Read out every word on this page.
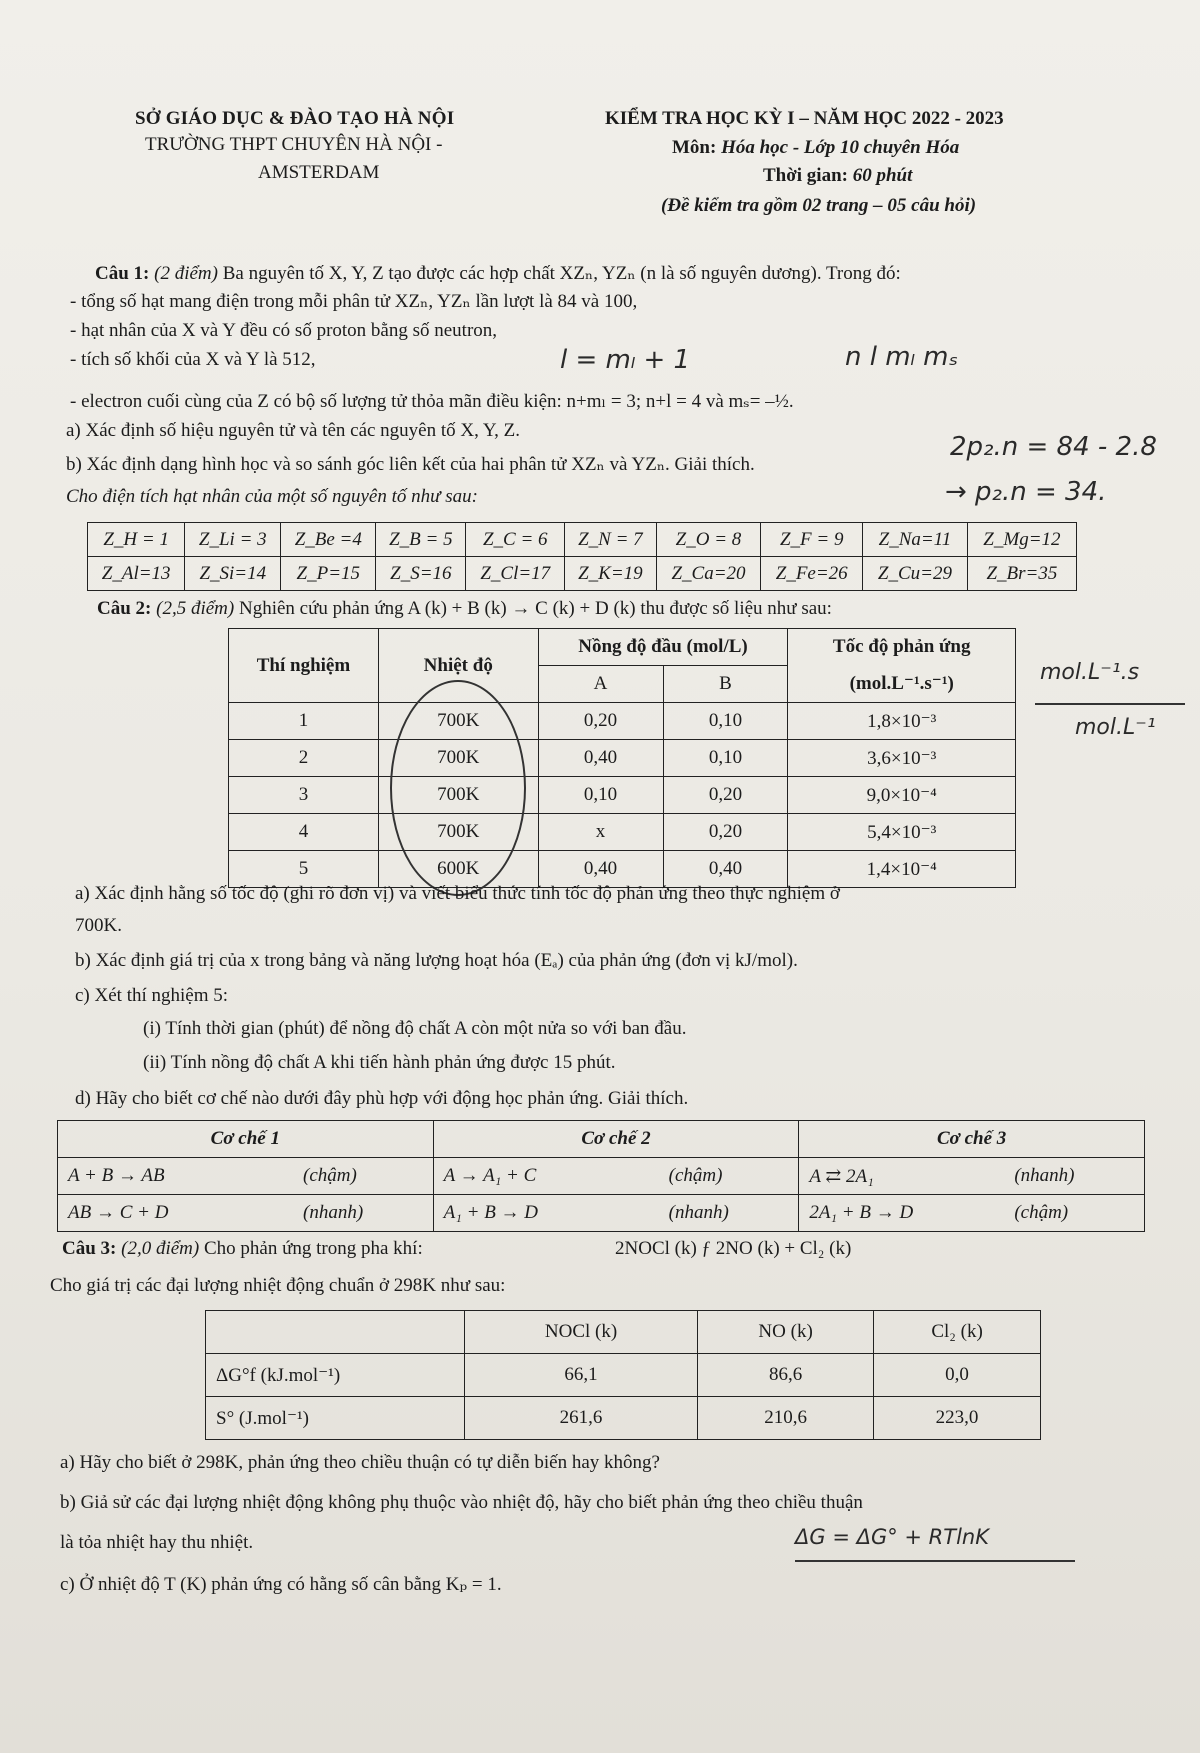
SỞ GIÁO DỤC & ĐÀO TẠO HÀ NỘI
TRƯỜNG THPT CHUYÊN HÀ NỘI -
AMSTERDAM
KIỂM TRA HỌC KỲ I – NĂM HỌC 2022 - 2023
Môn: Hóa học - Lớp 10 chuyên Hóa
Thời gian: 60 phút
(Đề kiểm tra gồm 02 trang – 05 câu hỏi)
Câu 1: (2 điểm) Ba nguyên tố X, Y, Z tạo được các hợp chất XZₙ, YZₙ (n là số nguyên dương). Trong đó:
- tổng số hạt mang điện trong mỗi phân tử XZₙ, YZₙ lần lượt là 84 và 100,
- hạt nhân của X và Y đều có số proton bằng số neutron,
- tích số khối của X và Y là 512,
- electron cuối cùng của Z có bộ số lượng tử thỏa mãn điều kiện: n+mₗ = 3; n+l = 4 và mₛ= –½.
a) Xác định số hiệu nguyên tử và tên các nguyên tố X, Y, Z.
b) Xác định dạng hình học và so sánh góc liên kết của hai phân tử XZₙ và YZₙ. Giải thích.
Cho điện tích hạt nhân của một số nguyên tố như sau:
Z_H = 1	Z_Li = 3	Z_Be =4	Z_B = 5	Z_C = 6	Z_N = 7	Z_O = 8	Z_F = 9	Z_Na=11	Z_Mg=12
Z_Al=13	Z_Si=14	Z_P=15	Z_S=16	Z_Cl=17	Z_K=19	Z_Ca=20	Z_Fe=26	Z_Cu=29	Z_Br=35
Câu 2: (2,5 điểm) Nghiên cứu phản ứng A (k) + B (k) → C (k) + D (k) thu được số liệu như sau:
Thí nghiệm	Nhiệt độ	Nồng độ đầu (mol/L)		Tốc độ phản ứng
		A	B	(mol.L⁻¹.s⁻¹)
1	700K	0,20	0,10	1,8×10⁻³
2	700K	0,40	0,10	3,6×10⁻³
3	700K	0,10	0,20	9,0×10⁻⁴
4	700K	x	0,20	5,4×10⁻³
5	600K	0,40	0,40	1,4×10⁻⁴
a) Xác định hằng số tốc độ (ghi rõ đơn vị) và viết biểu thức tính tốc độ phản ứng theo thực nghiệm ở
700K.
b) Xác định giá trị của x trong bảng và năng lượng hoạt hóa (Eₐ) của phản ứng (đơn vị kJ/mol).
c) Xét thí nghiệm 5:
(i) Tính thời gian (phút) để nồng độ chất A còn một nửa so với ban đầu.
(ii) Tính nồng độ chất A khi tiến hành phản ứng được 15 phút.
d) Hãy cho biết cơ chế nào dưới đây phù hợp với động học phản ứng. Giải thích.
Cơ chế 1		Cơ chế 2		Cơ chế 3	
A + B → AB	(chậm)	A → A₁ + C	(chậm)	A ⇄ 2A₁	(nhanh)
AB → C + D	(nhanh)	A₁ + B → D	(nhanh)	2A₁ + B → D	(chậm)
Câu 3: (2,0 điểm) Cho phản ứng trong pha khí:	2NOCl (k) ƒ 2NO (k) + Cl₂ (k)
Cho giá trị các đại lượng nhiệt động chuẩn ở 298K như sau:
	NOCl (k)	NO (k)	Cl₂ (k)
ΔG°f (kJ.mol⁻¹)	66,1	86,6	0,0
S° (J.mol⁻¹)	261,6	210,6	223,0
a) Hãy cho biết ở 298K, phản ứng theo chiều thuận có tự diễn biến hay không?
b) Giả sử các đại lượng nhiệt động không phụ thuộc vào nhiệt độ, hãy cho biết phản ứng theo chiều thuận
là tỏa nhiệt hay thu nhiệt.
c) Ở nhiệt độ T (K) phản ứng có hằng số cân bằng Kₚ = 1.
l = mₗ + 1	n l mₗ mₛ
2p₂.n = 84 - 2.8
→ p₂.n = 34.
mol.L⁻¹.s
mol.L⁻¹
ΔG = ΔG° + RTlnK
